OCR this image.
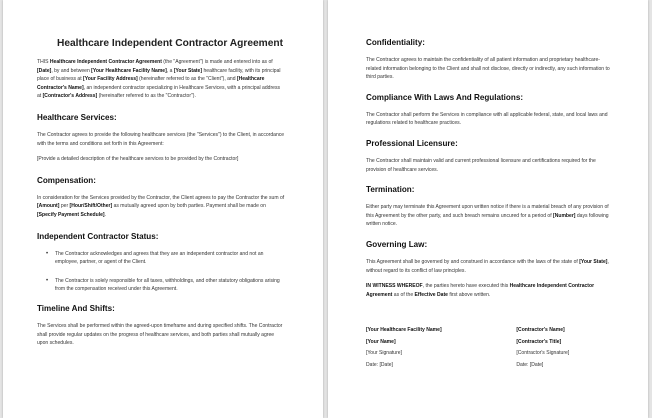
Healthcare Independent Contractor Agreement
THIS Healthcare Independent Contractor Agreement (the "Agreement") is made and entered into as of [Date], by and between [Your Healthcare Facility Name], a [Your State] healthcare facility, with its principal place of business at [Your Facility Address] (hereinafter referred to as the "Client"), and [Healthcare Contractor's Name], an independent contractor specializing in Healthcare Services, with a principal address at [Contractor's Address] (hereinafter referred to as the "Contractor").
Healthcare Services:
The Contractor agrees to provide the following healthcare services (the "Services") to the Client, in accordance with the terms and conditions set forth in this Agreement:
[Provide a detailed description of the healthcare services to be provided by the Contractor]
Compensation:
In consideration for the Services provided by the Contractor, the Client agrees to pay the Contractor the sum of [Amount] per [Hour/Shift/Other] as mutually agreed upon by both parties. Payment shall be made on [Specify Payment Schedule].
Independent Contractor Status:
• The Contractor acknowledges and agrees that they are an independent contractor and not an employee, partner, or agent of the Client.
• The Contractor is solely responsible for all taxes, withholdings, and other statutory obligations arising from the compensation received under this Agreement.
Timeline And Shifts:
The Services shall be performed within the agreed-upon timeframe and during specified shifts. The Contractor shall provide regular updates on the progress of healthcare services, and both parties shall mutually agree upon schedules.
Confidentiality:
The Contractor agrees to maintain the confidentiality of all patient information and proprietary healthcare-related information belonging to the Client and shall not disclose, directly or indirectly, any such information to third parties.
Compliance With Laws And Regulations:
The Contractor shall perform the Services in compliance with all applicable federal, state, and local laws and regulations related to healthcare practices.
Professional Licensure:
The Contractor shall maintain valid and current professional licensure and certifications required for the provision of healthcare services.
Termination:
Either party may terminate this Agreement upon written notice if there is a material breach of any provision of this Agreement by the other party, and such breach remains uncured for a period of [Number] days following written notice.
Governing Law:
This Agreement shall be governed by and construed in accordance with the laws of the state of [Your State], without regard to its conflict of law principles.
IN WITNESS WHEREOF, the parties hereto have executed this Healthcare Independent Contractor Agreement as of the Effective Date first above written.
[Your Healthcare Facility Name]	[Contractor's Name]
[Your Name]	[Contractor's Title]
[Your Signature]	[Contractor's Signature]
Date: [Date]	Date: [Date]
